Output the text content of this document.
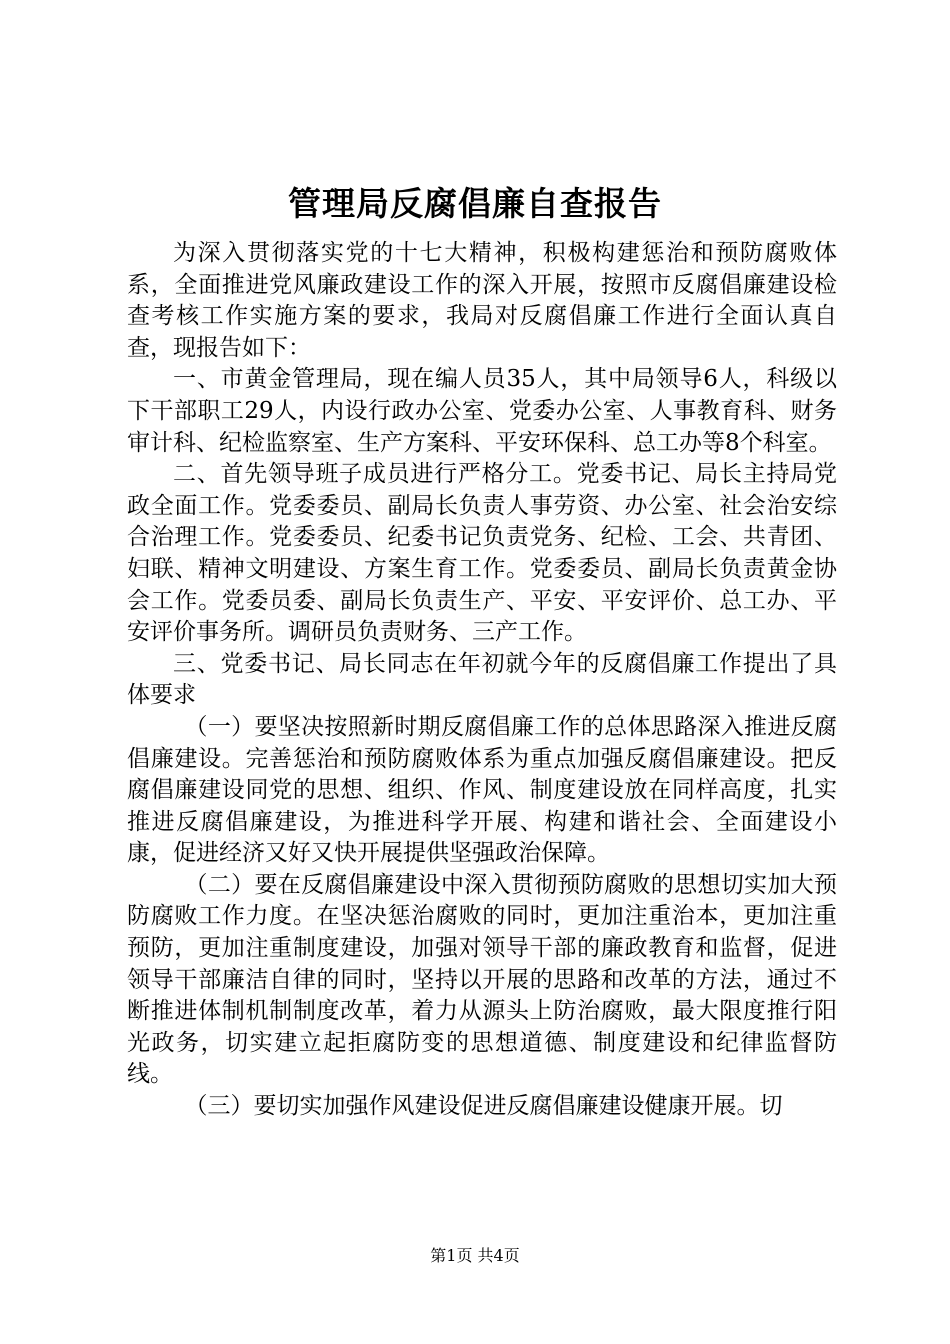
管理局反腐倡廉自查报告

为深入贯彻落实党的十七大精神，积极构建惩治和预防腐败体系，全面推进党风廉政建设工作的深入开展，按照市反腐倡廉建设检查考核工作实施方案的要求，我局对反腐倡廉工作进行全面认真自查，现报告如下：

一、市黄金管理局，现在编人员35人，其中局领导6人，科级以下干部职工29人，内设行政办公室、党委办公室、人事教育科、财务审计科、纪检监察室、生产方案科、平安环保科、总工办等8个科室。

二、首先领导班子成员进行严格分工。党委书记、局长主持局党政全面工作。党委委员、副局长负责人事劳资、办公室、社会治安综合治理工作。党委委员、纪委书记负责党务、纪检、工会、共青团、妇联、精神文明建设、方案生育工作。党委委员、副局长负责黄金协会工作。党委员委、副局长负责生产、平安、平安评价、总工办、平安评价事务所。调研员负责财务、三产工作。

三、党委书记、局长同志在年初就今年的反腐倡廉工作提出了具体要求

（一）要坚决按照新时期反腐倡廉工作的总体思路深入推进反腐倡廉建设。完善惩治和预防腐败体系为重点加强反腐倡廉建设。把反腐倡廉建设同党的思想、组织、作风、制度建设放在同样高度，扎实推进反腐倡廉建设，为推进科学开展、构建和谐社会、全面建设小康，促进经济又好又快开展提供坚强政治保障。

（二）要在反腐倡廉建设中深入贯彻预防腐败的思想切实加大预防腐败工作力度。在坚决惩治腐败的同时，更加注重治本，更加注重预防，更加注重制度建设，加强对领导干部的廉政教育和监督，促进领导干部廉洁自律的同时，坚持以开展的思路和改革的方法，通过不断推进体制机制制度改革，着力从源头上防治腐败，最大限度推行阳光政务，切实建立起拒腐防变的思想道德、制度建设和纪律监督防线。

（三）要切实加强作风建设促进反腐倡廉建设健康开展。切

第1页 共4页
